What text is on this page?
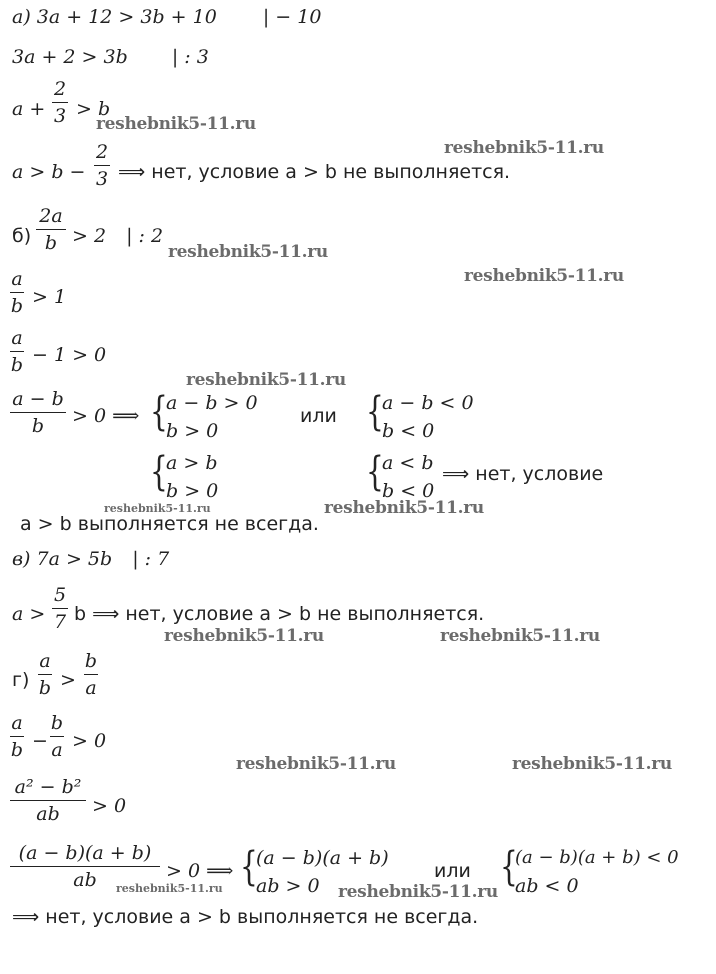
а) 3a + 12 > 3b + 10 | − 10
3a + 2 > 3b | : 3
a +
2
3 > b
a > b −
2
3 ⟹ нет, условие a > b не выполняется.
б)
2a
b > 2 | : 2
a
b > 1
a
b − 1 > 0
a − b
b	> 0 ⟹ {
a − b > 0
b > 0
или {
a − b < 0
b < 0
{
a > b
b > 0	{
a < b
b < 0
⟹ нет, условие
a > b выполняется не всегда.
в) 7a > 5b | : 7
a >
5
7 b ⟹ нет, условие a > b не выполняется.
г)
a
b >
b
a
a
b −
b
a > 0
a² − b²
ab	> 0
(a − b)(a + b)
ab	> 0 ⟹ {
(a − b)(a + b)
ab > 0
или {
(a − b)(a + b) < 0
ab < 0
⟹ нет, условие a > b выполняется не всегда.
reshebnik5-11.ru
reshebnik5-11.ru
reshebnik5-11.ru
reshebnik5-11.ru
reshebnik5-11.ru
reshebnik5-11.ru	reshebnik5-11.ru
reshebnik5-11.ru	reshebnik5-11.ru
reshebnik5-11.ru	reshebnik5-11.ru
reshebnik5-11.ru	reshebnik5-11.ru
